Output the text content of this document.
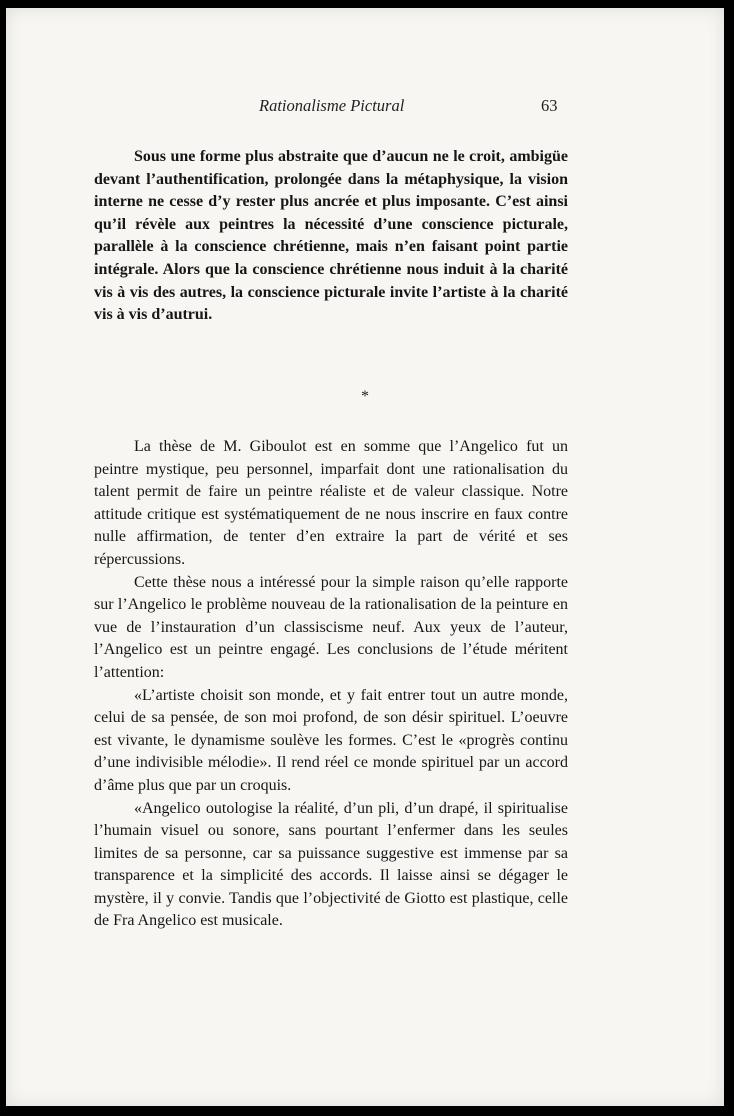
Rationalisme Pictural	63

Sous une forme plus abstraite que d’aucun ne le croit, ambigüe devant l’authentification, prolongée dans la métaphysique, la vision interne ne cesse d’y rester plus ancrée et plus imposante. C’est ainsi qu’il révèle aux peintres la nécessité d’une conscience picturale, parallèle à la conscience chrétienne, mais n’en faisant point partie intégrale. Alors que la conscience chrétienne nous induit à la charité vis à vis des autres, la conscience picturale invite l’artiste à la charité vis à vis d’autrui.

*

La thèse de M. Giboulot est en somme que l’Angelico fut un peintre mystique, peu personnel, imparfait dont une rationalisation du talent permit de faire un peintre réaliste et de valeur classique. Notre attitude critique est systématiquement de ne nous inscrire en faux contre nulle affirmation, de tenter d’en extraire la part de vérité et ses répercussions.

Cette thèse nous a intéressé pour la simple raison qu’elle rapporte sur l’Angelico le problème nouveau de la rationalisation de la peinture en vue de l’instauration d’un classiscisme neuf. Aux yeux de l’auteur, l’Angelico est un peintre engagé. Les conclusions de l’étude méritent l’attention:

«L’artiste choisit son monde, et y fait entrer tout un autre monde, celui de sa pensée, de son moi profond, de son désir spirituel. L’oeuvre est vivante, le dynamisme soulève les formes. C’est le «progrès continu d’une indivisible mélodie». Il rend réel ce monde spirituel par un accord d’âme plus que par un croquis.

«Angelico outologise la réalité, d’un pli, d’un drapé, il spiritualise l’humain visuel ou sonore, sans pourtant l’enfermer dans les seules limites de sa personne, car sa puissance suggestive est immense par sa transparence et la simplicité des accords. Il laisse ainsi se dégager le mystère, il y convie. Tandis que l’objectivité de Giotto est plastique, celle de Fra Angelico est musicale.
